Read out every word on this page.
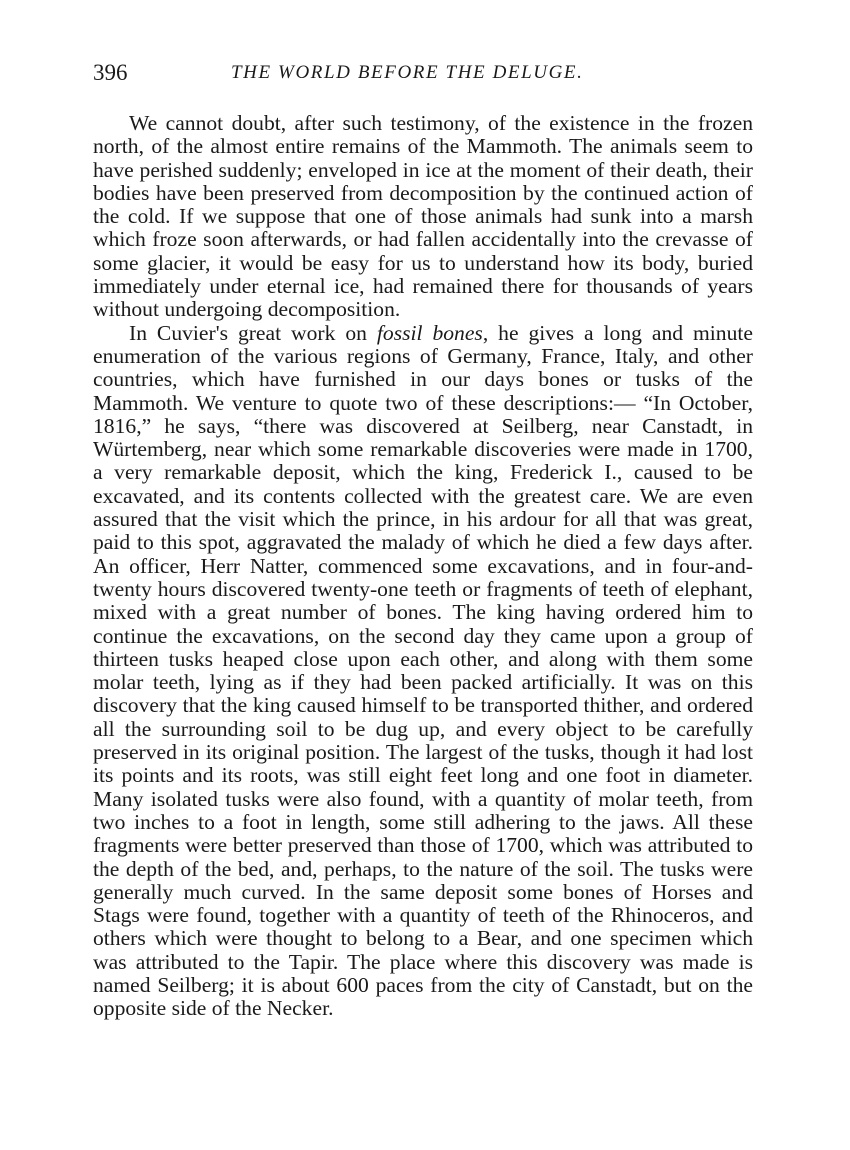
396	THE WORLD BEFORE THE DELUGE.

We cannot doubt, after such testimony, of the existence in the frozen north, of the almost entire remains of the Mammoth. The animals seem to have perished suddenly; enveloped in ice at the moment of their death, their bodies have been preserved from decomposition by the continued action of the cold. If we suppose that one of those animals had sunk into a marsh which froze soon afterwards, or had fallen accidentally into the crevasse of some glacier, it would be easy for us to understand how its body, buried immediately under eternal ice, had remained there for thousands of years without undergoing decomposition.

In Cuvier's great work on fossil bones, he gives a long and minute enumeration of the various regions of Germany, France, Italy, and other countries, which have furnished in our days bones or tusks of the Mammoth. We venture to quote two of these descriptions:— “In October, 1816,” he says, “there was discovered at Seilberg, near Canstadt, in Würtemberg, near which some remarkable discoveries were made in 1700, a very remarkable deposit, which the king, Frederick I., caused to be excavated, and its contents collected with the greatest care. We are even assured that the visit which the prince, in his ardour for all that was great, paid to this spot, aggravated the malady of which he died a few days after. An officer, Herr Natter, commenced some excavations, and in four-and-twenty hours discovered twenty-one teeth or fragments of teeth of elephant, mixed with a great number of bones. The king having ordered him to continue the excavations, on the second day they came upon a group of thirteen tusks heaped close upon each other, and along with them some molar teeth, lying as if they had been packed artificially. It was on this discovery that the king caused himself to be transported thither, and ordered all the surrounding soil to be dug up, and every object to be carefully preserved in its original position. The largest of the tusks, though it had lost its points and its roots, was still eight feet long and one foot in diameter. Many isolated tusks were also found, with a quantity of molar teeth, from two inches to a foot in length, some still adhering to the jaws. All these fragments were better preserved than those of 1700, which was attributed to the depth of the bed, and, perhaps, to the nature of the soil. The tusks were generally much curved. In the same deposit some bones of Horses and Stags were found, together with a quantity of teeth of the Rhinoceros, and others which were thought to belong to a Bear, and one specimen which was attributed to the Tapir. The place where this discovery was made is named Seilberg; it is about 600 paces from the city of Canstadt, but on the opposite side of the Necker.
